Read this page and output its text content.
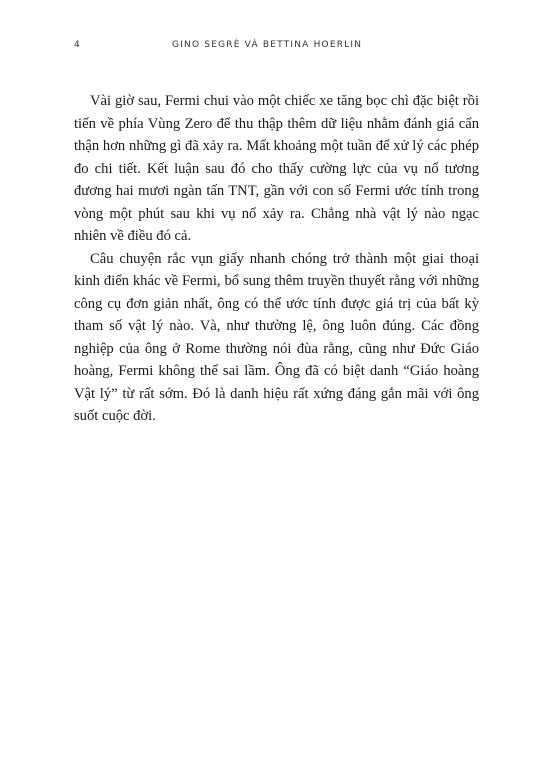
4	GINO SEGRÈ VÀ BETTINA HOERLIN

Vài giờ sau, Fermi chui vào một chiếc xe tăng bọc chì đặc biệt rồi tiến về phía Vùng Zero để thu thập thêm dữ liệu nhằm đánh giá cẩn thận hơn những gì đã xảy ra. Mất khoảng một tuần để xử lý các phép đo chi tiết. Kết luận sau đó cho thấy cường lực của vụ nổ tương đương hai mươi ngàn tấn TNT, gần với con số Fermi ước tính trong vòng một phút sau khi vụ nổ xảy ra. Chẳng nhà vật lý nào ngạc nhiên về điều đó cả.

Câu chuyện rắc vụn giấy nhanh chóng trở thành một giai thoại kinh điển khác về Fermi, bổ sung thêm truyền thuyết rằng với những công cụ đơn giản nhất, ông có thể ước tính được giá trị của bất kỳ tham số vật lý nào. Và, như thường lệ, ông luôn đúng. Các đồng nghiệp của ông ở Rome thường nói đùa rằng, cũng như Đức Giáo hoàng, Fermi không thể sai lầm. Ông đã có biệt danh “Giáo hoàng Vật lý” từ rất sớm. Đó là danh hiệu rất xứng đáng gắn mãi với ông suốt cuộc đời.
